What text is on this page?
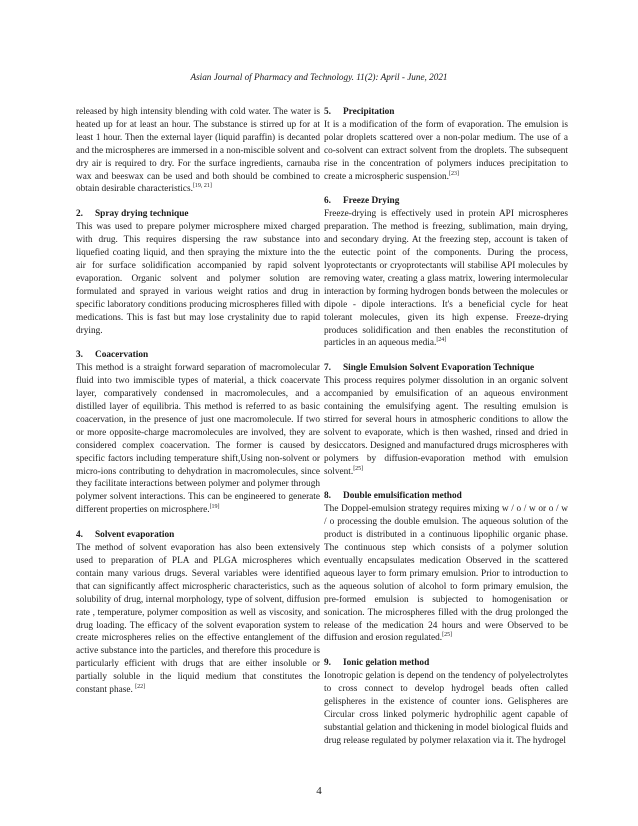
Asian Journal of Pharmacy and Technology. 11(2): April - June, 2021

released by high intensity blending with cold water. The water is heated up for at least an hour. The substance is stirred up for at least 1 hour. Then the external layer (liquid paraffin) is decanted and the microspheres are immersed in a non-miscible solvent and dry air is required to dry. For the surface ingredients, carnauba wax and beeswax can be used and both should be combined to obtain desirable characteristics.[19, 21]

2. Spray drying technique

This was used to prepare polymer microsphere mixed charged with drug. This requires dispersing the raw substance into liquefied coating liquid, and then spraying the mixture into the air for surface solidification accompanied by rapid solvent evaporation. Organic solvent and polymer solution are formulated and sprayed in various weight ratios and drug in specific laboratory conditions producing microspheres filled with medications. This is fast but may lose crystalinity due to rapid drying.

3. Coacervation

This method is a straight forward separation of macromolecular fluid into two immiscible types of material, a thick coacervate layer, comparatively condensed in macromolecules, and a distilled layer of equilibria. This method is referred to as basic coacervation, in the presence of just one macromolecule. If two or more opposite-charge macromolecules are involved, they are considered complex coacervation. The former is caused by specific factors including temperature shift,Using non-solvent or micro-ions contributing to dehydration in macromolecules, since they facilitate interactions between polymer and polymer through polymer solvent interactions. This can be engineered to generate different properties on microsphere.[19]

4. Solvent evaporation

The method of solvent evaporation has also been extensively used to preparation of PLA and PLGA microspheres which contain many various drugs. Several variables were identified that can significantly affect microspheric characteristics, such as solubility of drug, internal morphology, type of solvent, diffusion rate , temperature, polymer composition as well as viscosity, and drug loading. The efficacy of the solvent evaporation system to create microspheres relies on the effective entanglement of the active substance into the particles, and therefore this procedure is particularly efficient with drugs that are either insoluble or partially soluble in the liquid medium that constitutes the constant phase. [22]

5. Precipitation

It is a modification of the form of evaporation. The emulsion is polar droplets scattered over a non-polar medium. The use of a co-solvent can extract solvent from the droplets. The subsequent rise in the concentration of polymers induces precipitation to create a microspheric suspension.[23]

6. Freeze Drying

Freeze-drying is effectively used in protein API microspheres preparation. The method is freezing, sublimation, main drying, and secondary drying. At the freezing step, account is taken of the eutectic point of the components. During the process, lyoprotectants or cryoprotectants will stabilise API molecules by removing water, creating a glass matrix, lowering intermolecular interaction by forming hydrogen bonds between the molecules or dipole - dipole interactions. It's a beneficial cycle for heat tolerant molecules, given its high expense. Freeze-drying produces solidification and then enables the reconstitution of particles in an aqueous media.[24]

7. Single Emulsion Solvent Evaporation Technique

This process requires polymer dissolution in an organic solvent accompanied by emulsification of an aqueous environment containing the emulsifying agent. The resulting emulsion is stirred for several hours in atmospheric conditions to allow the solvent to evaporate, which is then washed, rinsed and dried in desiccators. Designed and manufactured drugs microspheres with polymers by diffusion-evaporation method with emulsion solvent.[25]

8. Double emulsification method

The Doppel-emulsion strategy requires mixing w / o / w or o / w / o processing the double emulsion. The aqueous solution of the product is distributed in a continuous lipophilic organic phase. The continuous step which consists of a polymer solution eventually encapsulates medication Observed in the scattered aqueous layer to form primary emulsion. Prior to introduction to the aqueous solution of alcohol to form primary emulsion, the pre-formed emulsion is subjected to homogenisation or sonication. The microspheres filled with the drug prolonged the release of the medication 24 hours and were Observed to be diffusion and erosion regulated.[25]

9. Ionic gelation method

Ionotropic gelation is depend on the tendency of polyelectrolytes to cross connect to develop hydrogel beads often called gelispheres in the existence of counter ions. Gelispheres are Circular cross linked polymeric hydrophilic agent capable of substantial gelation and thickening in model biological fluids and drug release regulated by polymer relaxation via it. The hydrogel

4
